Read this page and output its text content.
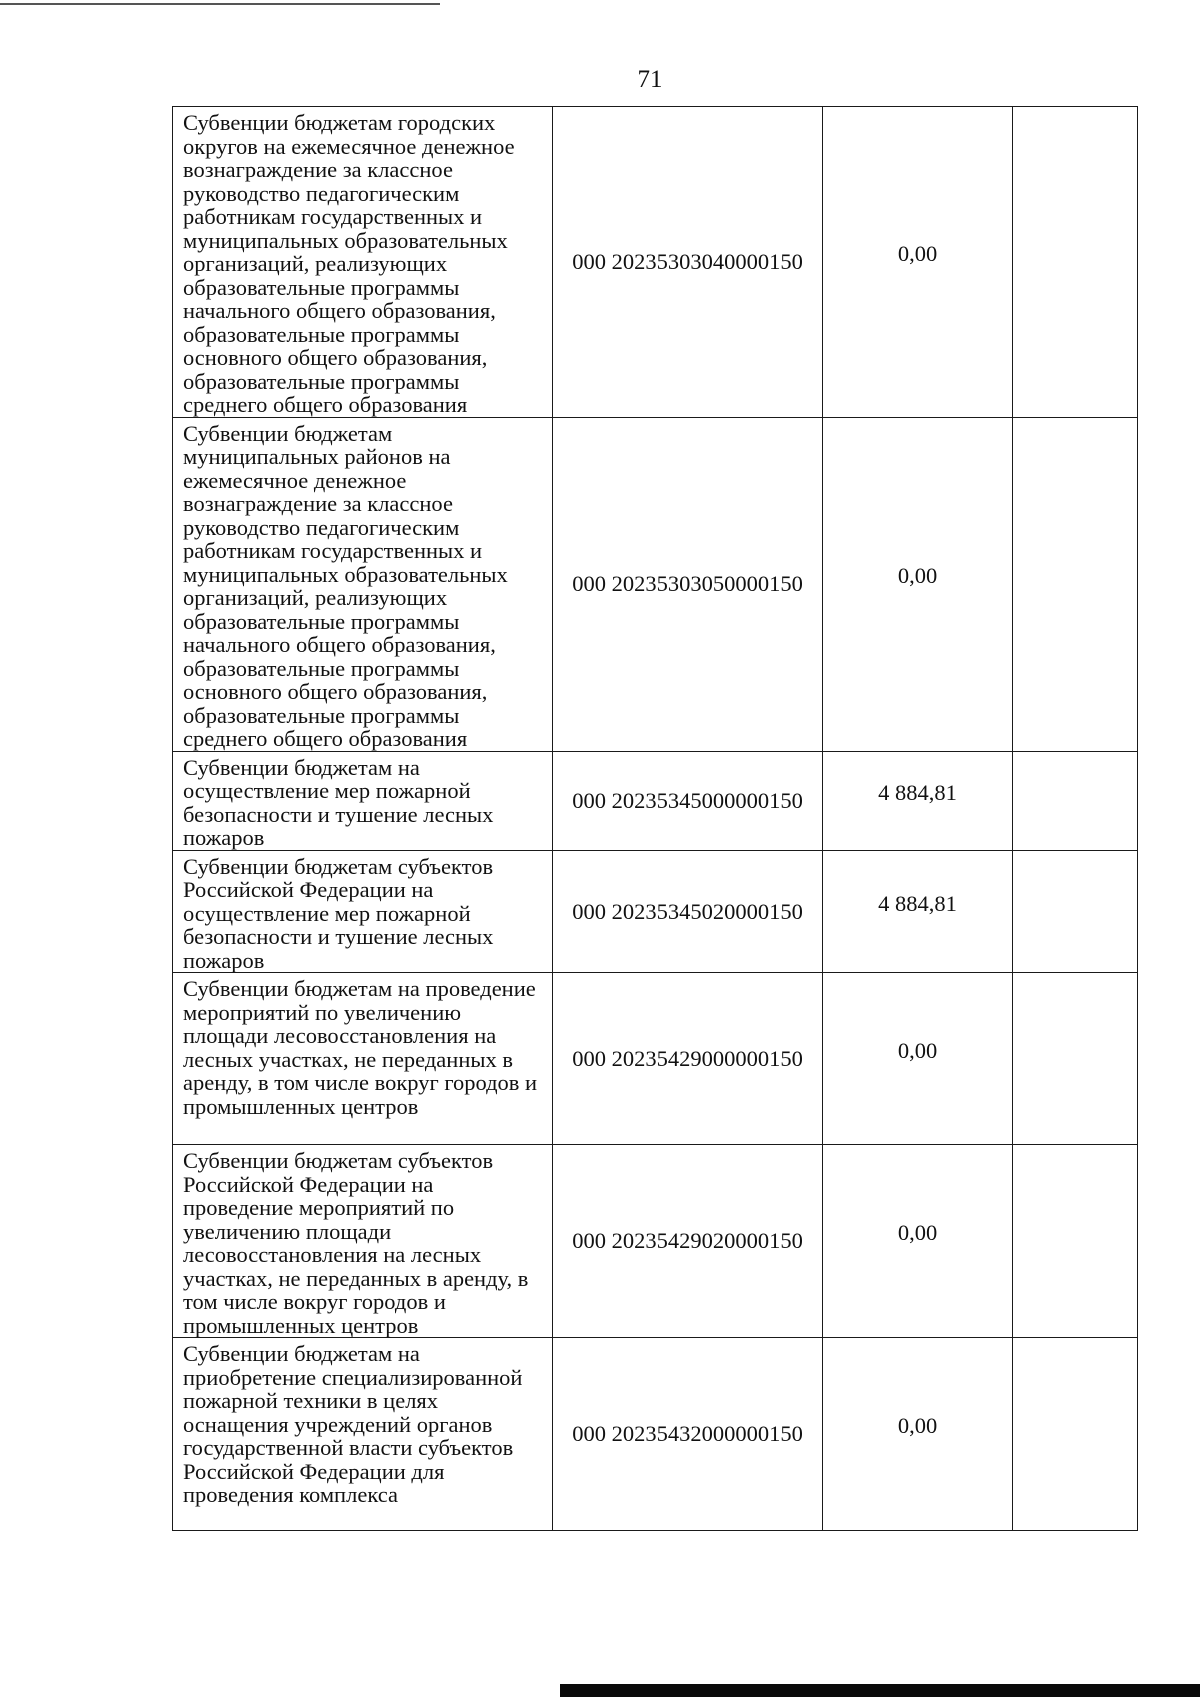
71
Субвенции бюджетам городских округов на ежемесячное денежное вознаграждение за классное руководство педагогическим работникам государственных и муниципальных образовательных организаций, реализующих образовательные программы начального общего образования, образовательные программы основного общего образования, образовательные программы среднего общего образования	000 20235303040000150	0,00	
Субвенции бюджетам муниципальных районов на ежемесячное денежное вознаграждение за классное руководство педагогическим работникам государственных и муниципальных образовательных организаций, реализующих образовательные программы начального общего образования, образовательные программы основного общего образования, образовательные программы среднего общего образования	000 20235303050000150	0,00	
Субвенции бюджетам на осуществление мер пожарной безопасности и тушение лесных пожаров	000 20235345000000150	4 884,81	
Субвенции бюджетам субъектов Российской Федерации на осуществление мер пожарной безопасности и тушение лесных пожаров	000 20235345020000150	4 884,81	
Субвенции бюджетам на проведение мероприятий по увеличению площади лесовосстановления на лесных участках, не переданных в аренду, в том числе вокруг городов и промышленных центров	000 20235429000000150	0,00	
Субвенции бюджетам субъектов Российской Федерации на проведение мероприятий по увеличению площади лесовосстановления на лесных участках, не переданных в аренду, в том числе вокруг городов и промышленных центров	000 20235429020000150	0,00	
Субвенции бюджетам на приобретение специализированной пожарной техники в целях оснащения учреждений органов государственной власти субъектов Российской Федерации для проведения комплекса	000 20235432000000150	0,00	
